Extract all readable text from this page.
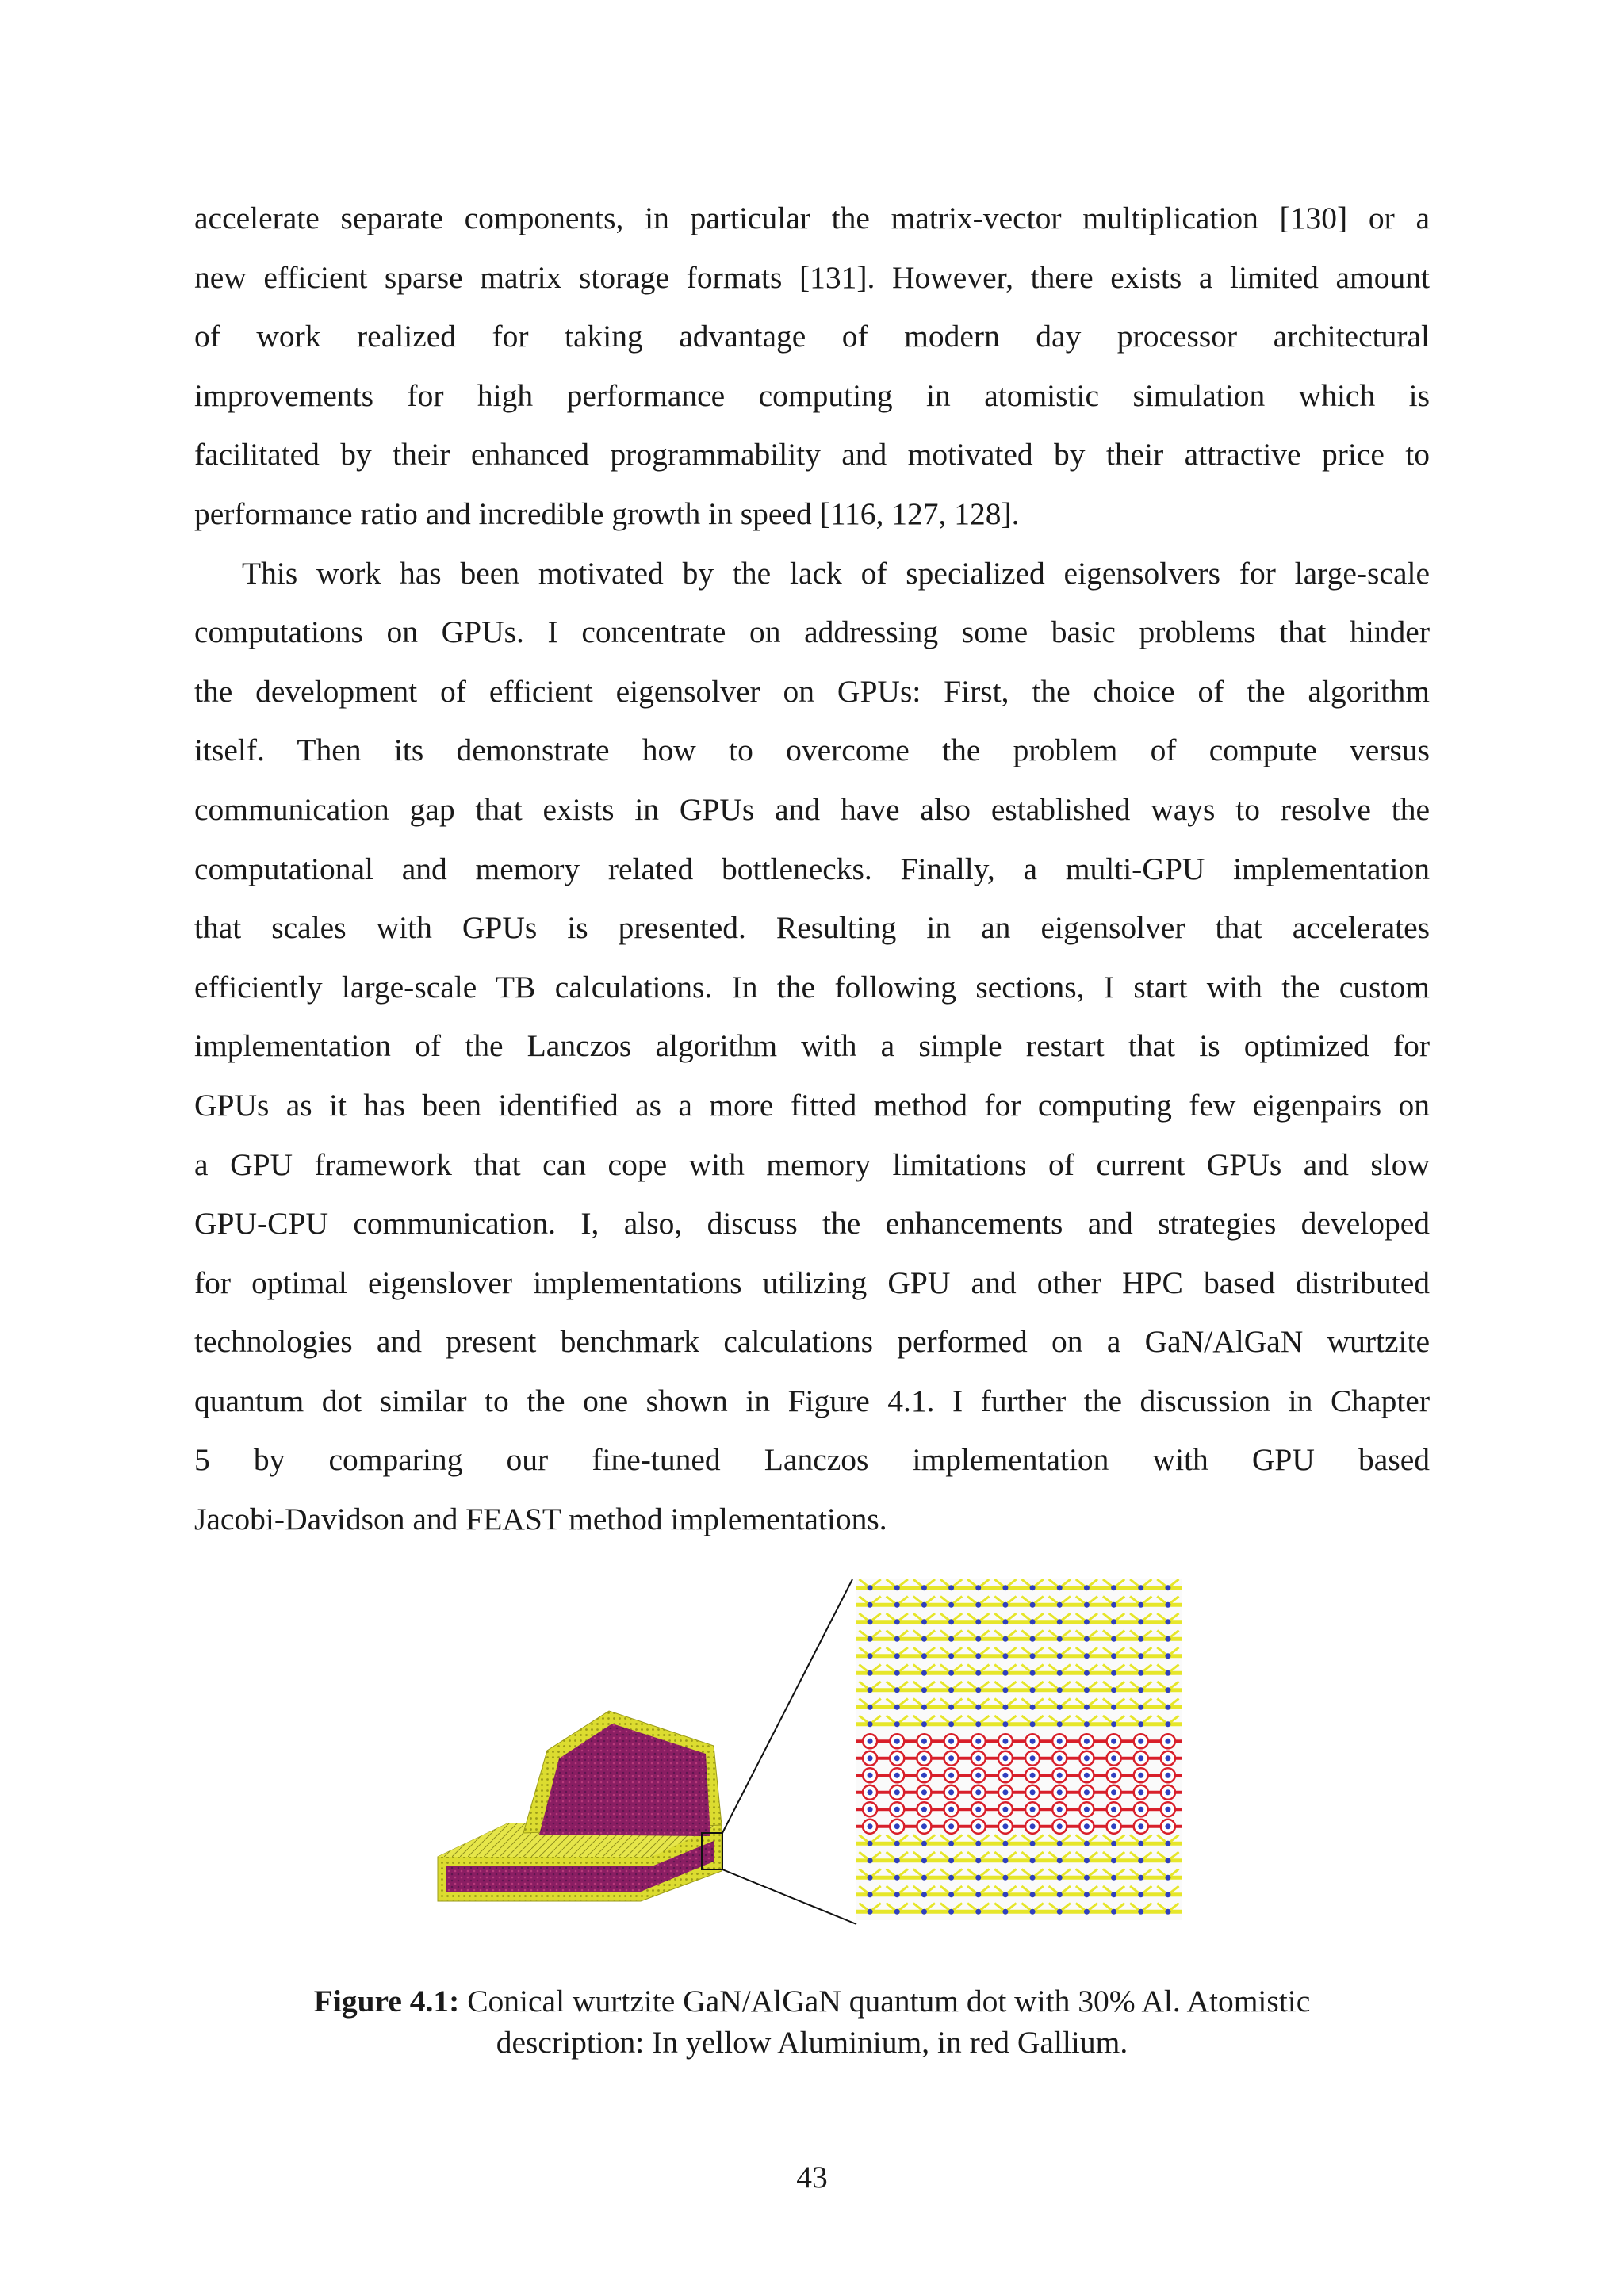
accelerate separate components, in particular the matrix-vector multiplication [130] or a
new efficient sparse matrix storage formats [131]. However, there exists a limited amount
of work realized for taking advantage of modern day processor architectural
improvements for high performance computing in atomistic simulation which is
facilitated by their enhanced programmability and motivated by their attractive price to
performance ratio and incredible growth in speed [116, 127, 128].

This work has been motivated by the lack of specialized eigensolvers for large-scale
computations on GPUs. I concentrate on addressing some basic problems that hinder
the development of efficient eigensolver on GPUs: First, the choice of the algorithm
itself. Then its demonstrate how to overcome the problem of compute versus
communication gap that exists in GPUs and have also established ways to resolve the
computational and memory related bottlenecks. Finally, a multi-GPU implementation
that scales with GPUs is presented. Resulting in an eigensolver that accelerates
efficiently large-scale TB calculations. In the following sections, I start with the custom
implementation of the Lanczos algorithm with a simple restart that is optimized for
GPUs as it has been identified as a more fitted method for computing few eigenpairs on
a GPU framework that can cope with memory limitations of current GPUs and slow
GPU-CPU communication. I, also, discuss the enhancements and strategies developed
for optimal eigenslover implementations utilizing GPU and other HPC based distributed
technologies and present benchmark calculations performed on a GaN/AlGaN wurtzite
quantum dot similar to the one shown in Figure 4.1. I further the discussion in Chapter
5 by comparing our fine-tuned Lanczos implementation with GPU based
Jacobi-Davidson and FEAST method implementations.

Figure 4.1: Conical wurtzite GaN/AlGaN quantum dot with 30% Al. Atomistic
description: In yellow Aluminium, in red Gallium.
43
